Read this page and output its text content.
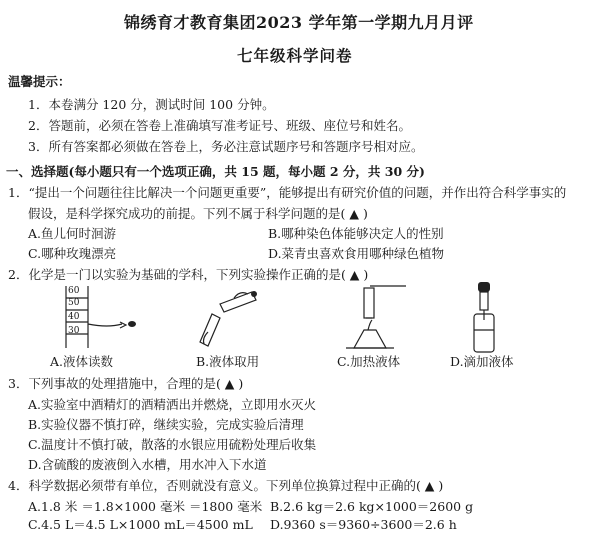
锦绣育才教育集团2023 学年第一学期九月月评
七年级科学问卷
温馨提示：
1．本卷满分 120 分，测试时间 100 分钟。
2．答题前，必须在答卷上准确填写准考证号、班级、座位号和姓名。
3．所有答案都必须做在答卷上，务必注意试题序号和答题序号相对应。
一、选择题(每小题只有一个选项正确，共 15 题，每小题 2 分，共 30 分)
1．“提出一个问题往往比解决一个问题更重要”，能够提出有研究价值的问题，并作出符合科学事实的
假设，是科学探究成功的前提。下列不属于科学问题的是( ▲ )
A.鱼儿何时洄游	B.哪种染色体能够决定人的性别
C.哪种玫瑰漂亮	D.菜青虫喜欢食用哪种绿色植物
2．化学是一门以实验为基础的学科，下列实验操作正确的是( ▲ )
60
50
40
30
A.液体读数	B.液体取用	C.加热液体	D.滴加液体
3．下列事故的处理措施中，合理的是( ▲ )
A.实验室中酒精灯的酒精洒出并燃烧，立即用水灭火
B.实验仪器不慎打碎，继续实验，完成实验后清理
C.温度计不慎打破，散落的水银应用硫粉处理后收集
D.含硫酸的废液倒入水槽，用水冲入下水道
4．科学数据必须带有单位，否则就没有意义。下列单位换算过程中正确的( ▲ )
A.1.8 米 ＝1.8×1000 毫米 ＝1800 毫米 B.2.6 kg＝2.6 kg×1000＝2600 g
C.4.5 L＝4.5 L×1000 mL＝4500 mL D.9360 s＝9360÷3600＝2.6 h
